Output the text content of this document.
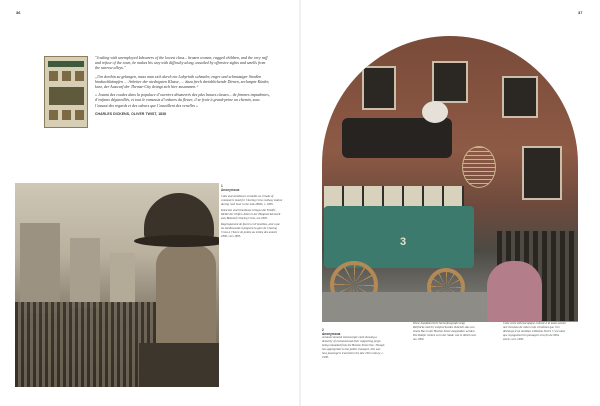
36	37

"Jostling with unemployed labourers of the lowest class... brazen women, ragged children, and the very raff and refuse of the town, he makes his way with difficulty along, assailed by offensive sights and smells from the narrow alleys."

„Um dorthin zu gelangen, muss man sich durch ein Labyrinth schmaler, enger und schmutziger Straßen hindurchkämpfen … Arbeiter der niedrigsten Klasse, … dazu frech dreinblickende Dirnen, zerlumpte Kinder, kurz, der Auswurf der Themse-City drängt sich hier zusammen.“

« Jouant des coudes dans la populace d’ouvriers désœuvrés des plus basses classes... de femmes impudentes, d’enfants déguenillés, et tout le ramassis d’ordures du fleuve, il se fraie à grand-peine un chemin, sous l’assaut des regards et des odeurs que l’assaillent des venelles »

CHARLES DICKENS, OLIVER TWIST, 1838
1
Anonymous

Cabs and omnibuses scramble as crowds of commuters head for Charing Cross railway station during rush hour in the mid-1890s, c. 1895.

Kutschen und Omnibusse bringen die Träufle Mellie der Ohlfen Jahre in der Hauptverkehrszeit zum Bahnhof Charing Cross, um 1895.

Regroupement de fiacres et d’omnibus, alors que les banlieusards rejoignent la gare de Charing Cross à l’heure de pointe au milieu des années 1890, vers 1895.

3
2
Anonymous
A hand-coloured stereoscopic card showing a dexterity of costumed and their supporting props being unloaded from the Hoxton Street line. Though less appropriate to the public transport, this was how passengers traveled in the late 19th century, c. 1900.
Diese handkolorierte Stereofotografie zeigt Reifröcke und ihr entsprechendes Zubehör, das von einem Bus in der Hoxton Street ausgeladen werden. Die Käufer reisten so in der Stadt, wie es üblich war, um 1900.
Cette carte stéréoscopique colorée à la main montre une livraison de robes et de crinolines que l’on décharge d’un omnibus à Hoxton Street. C’est ainsi que voyageaient les passagers à la fin du XIXe siècle, vers 1900.
